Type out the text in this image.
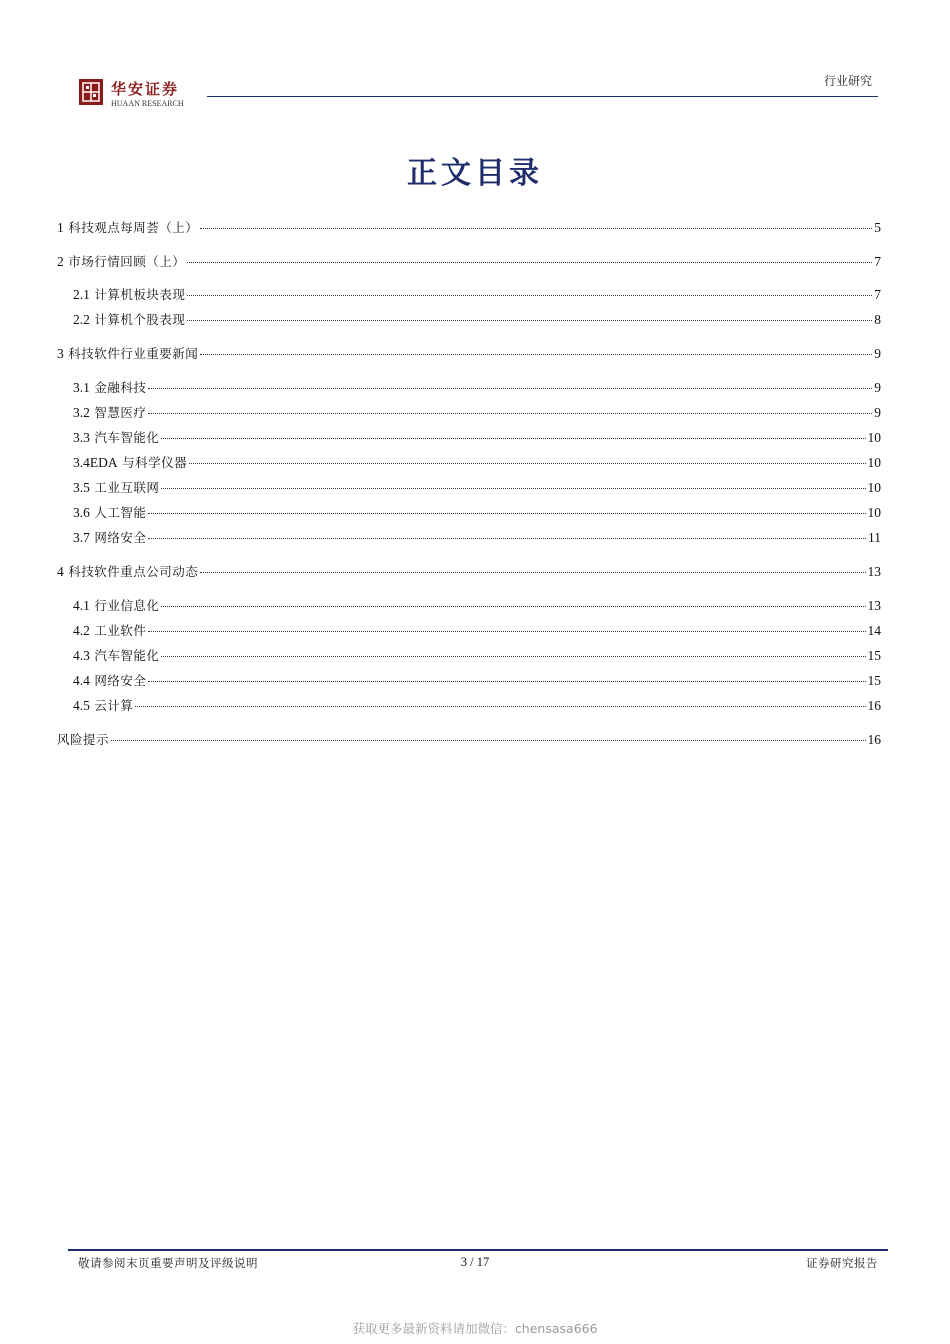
华安证券
HUAAN RESEARCH
行业研究
正文目录
1 科技观点每周荟（上）	5
2 市场行情回顾（上）	7
2.1 计算机板块表现	7
2.2 计算机个股表现	8
3 科技软件行业重要新闻	9
3.1 金融科技	9
3.2 智慧医疗	9
3.3 汽车智能化	10
3.4EDA 与科学仪器	10
3.5 工业互联网	10
3.6 人工智能	10
3.7 网络安全	11
4 科技软件重点公司动态	13
4.1 行业信息化	13
4.2 工业软件	14
4.3 汽车智能化	15
4.4 网络安全	15
4.5 云计算	16
风险提示	16
敬请参阅末页重要声明及评级说明	3 / 17	证券研究报告
获取更多最新资料请加微信：chensasa666
